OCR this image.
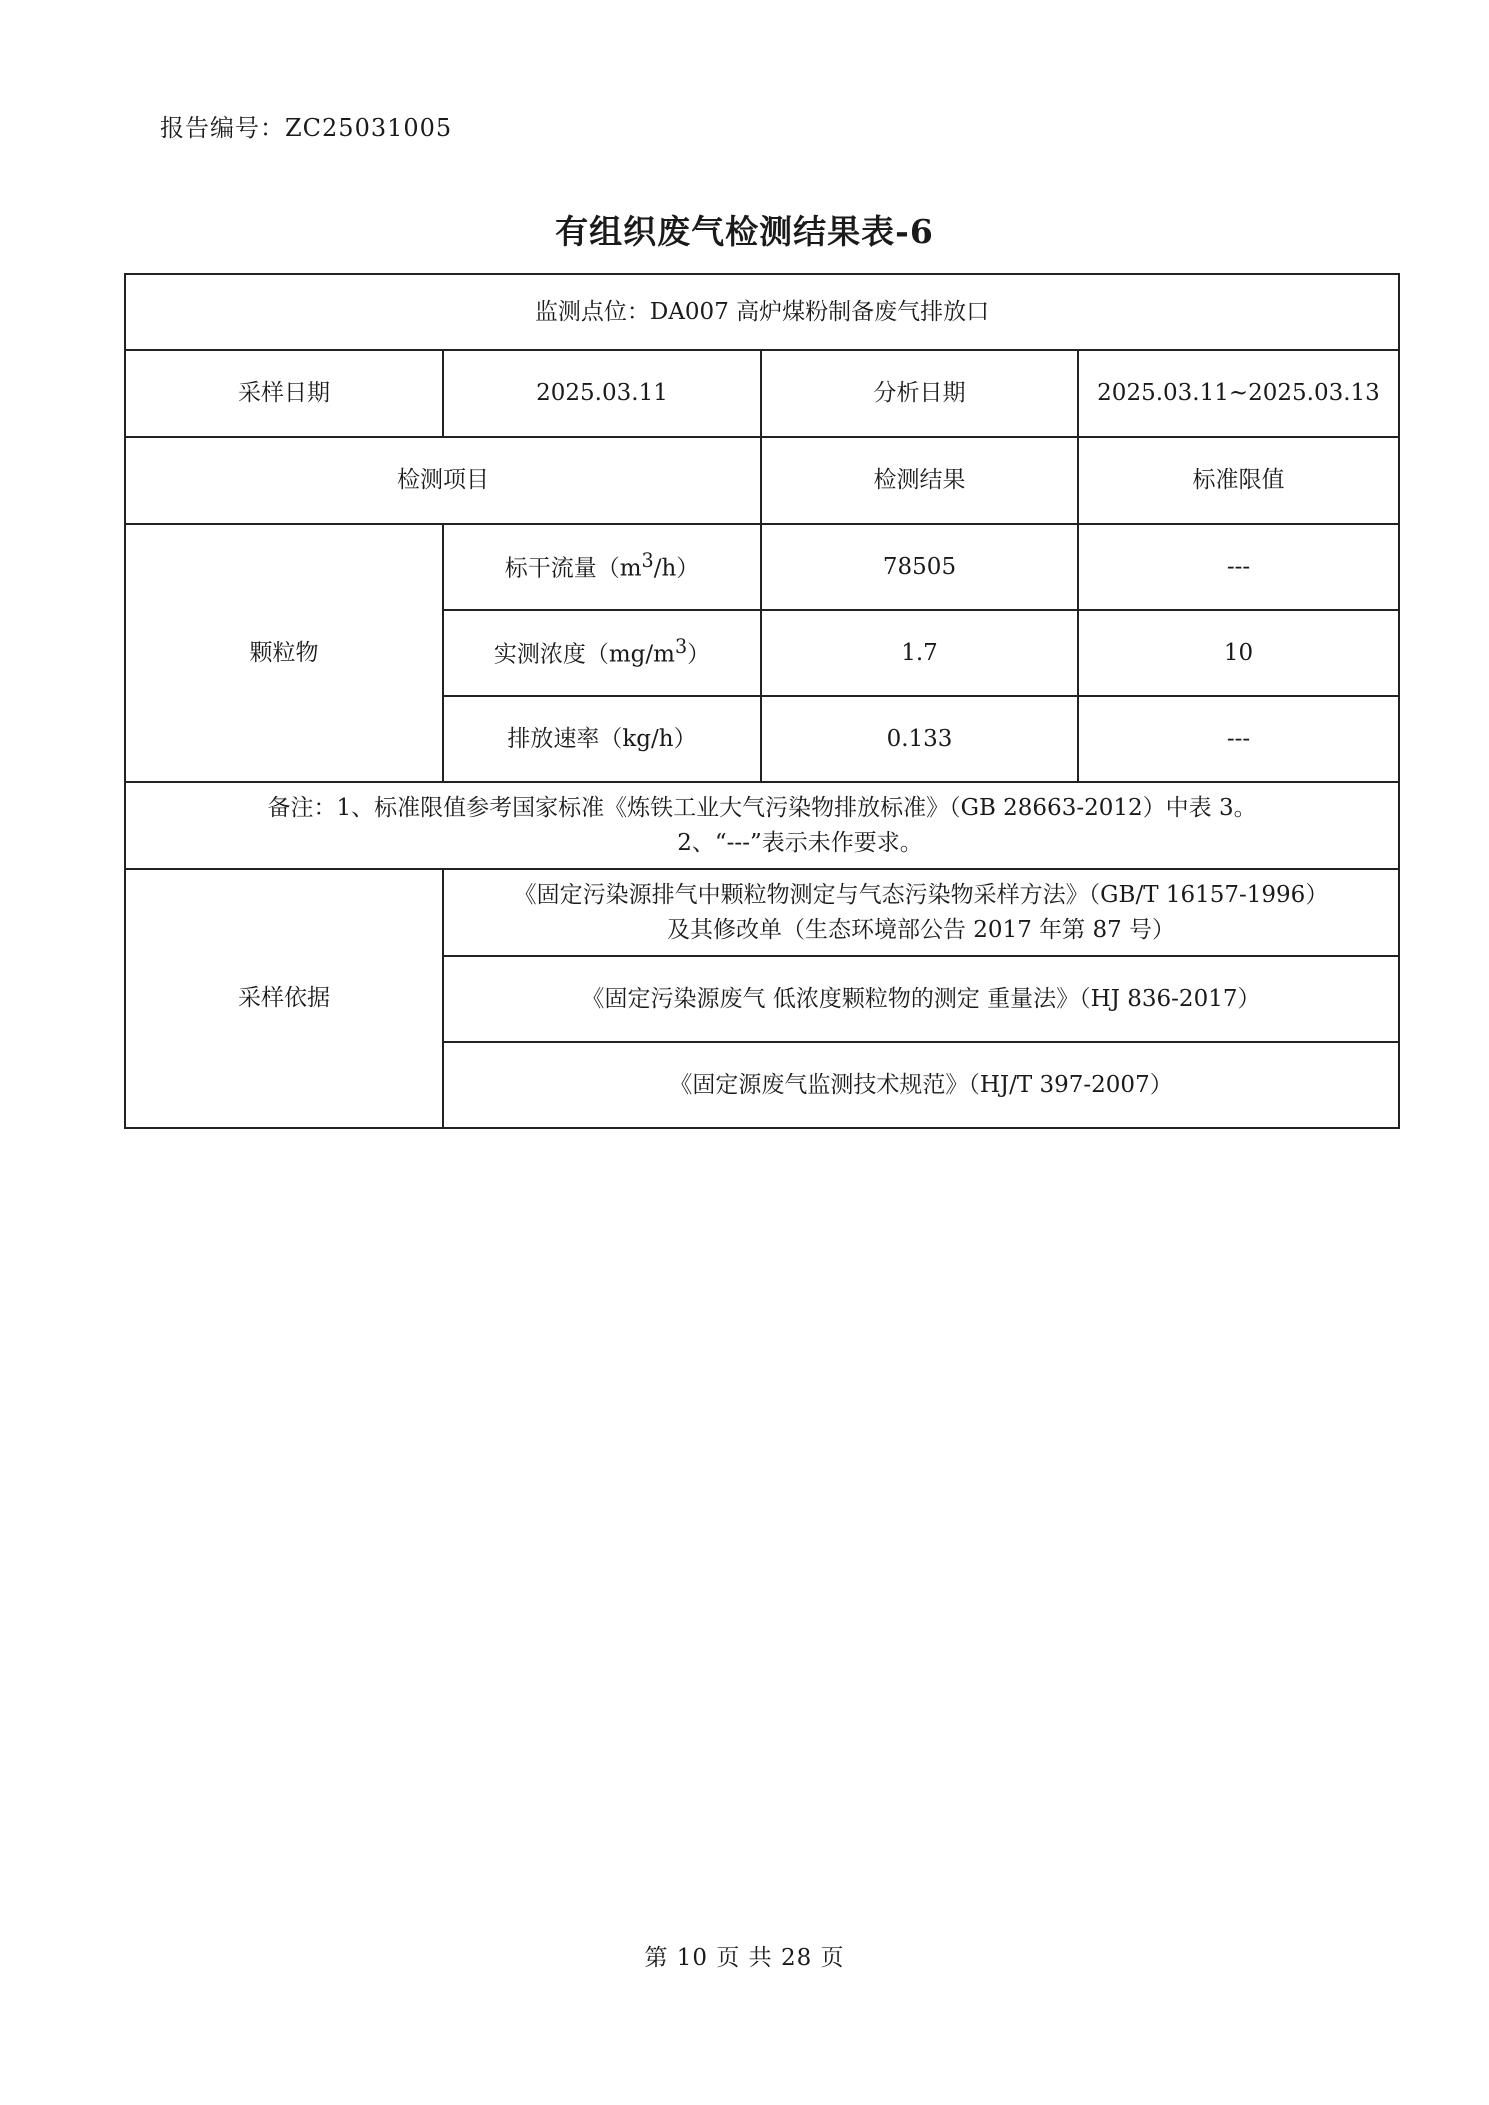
报告编号：ZC25031005
有组织废气检测结果表-6
监测点位：DA007 高炉煤粉制备废气排放口			
采样日期	2025.03.11	分析日期	2025.03.11~2025.03.13
检测项目		检测结果	标准限值
颗粒物	标干流量$(m^3/h)$	78505	---
	实测浓度$(mg/m^3)$	1.7	10
	排放速率（kg/h）	0.133	---
备注：1、标准限值参考国家标准《炼铁工业大气污染物排放标准》（GB 28663-2012）中表 3。
2、“---”表示未作要求。			

采样依据	《固定污染源排气中颗粒物测定与气态污染物采样方法》（GB/T 16157-1996）
及其修改单（生态环境部公告 2017 年第 87 号）		

	《固定污染源废气 低浓度颗粒物的测定 重量法》（HJ 836-2017）		
	《固定源废气监测技术规范》（HJ/T 397-2007）		
第 10 页 共 28 页
